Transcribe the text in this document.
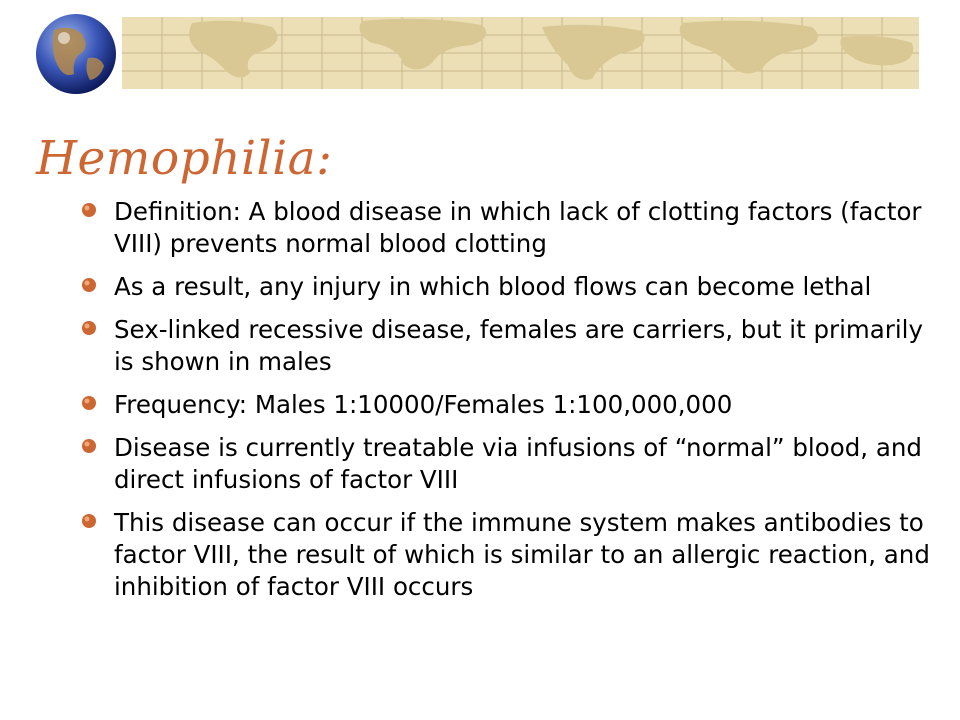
Hemophilia:
Definition: A blood disease in which lack of clotting factors (factor VIII) prevents normal blood clotting
As a result, any injury in which blood flows can become lethal
Sex-linked recessive disease, females are carriers, but it primarily is shown in males
Frequency: Males 1:10000/Females 1:100,000,000
Disease is currently treatable via infusions of “normal” blood, and direct infusions of factor VIII
This disease can occur if the immune system makes antibodies to factor VIII, the result of which is similar to an allergic reaction, and inhibition of factor VIII occurs
